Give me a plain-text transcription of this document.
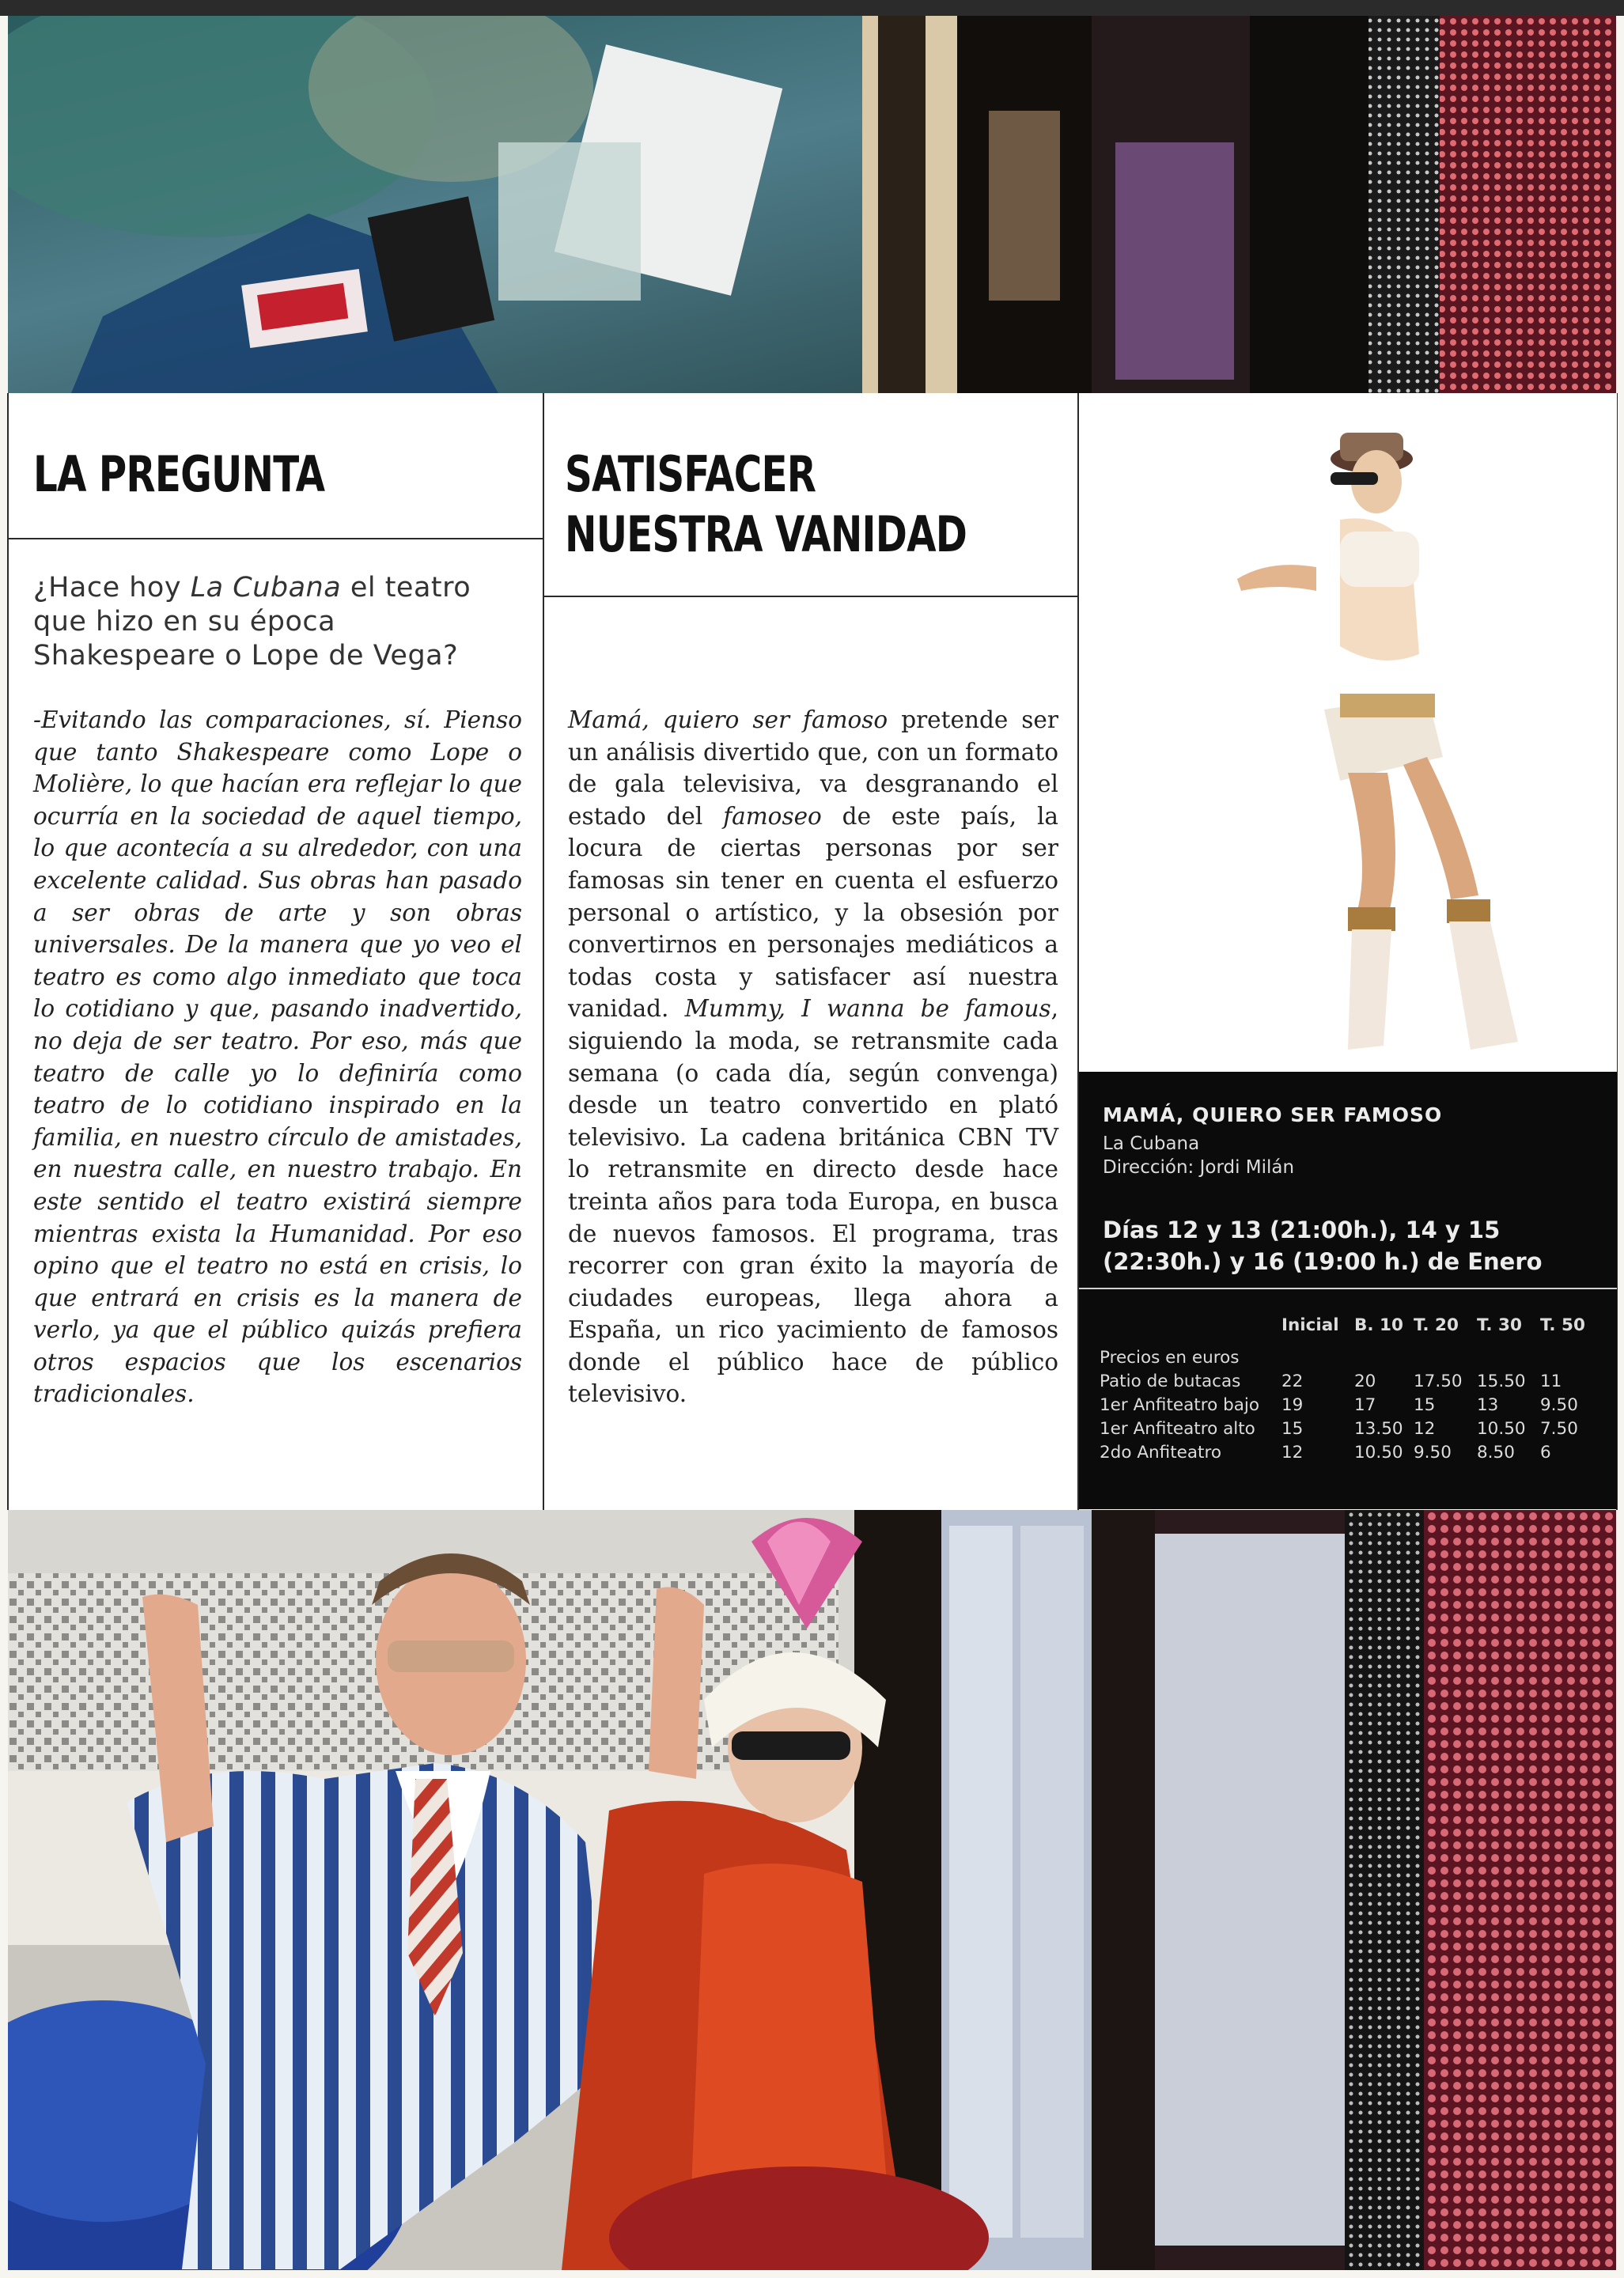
LA PREGUNTA
¿Hace hoy La Cubana el teatro que hizo en su época Shakespeare o Lope de Vega?
-Evitando las comparaciones, sí. Pienso que tanto Shakespeare como Lope o Molière, lo que hacían era reflejar lo que ocurría en la sociedad de aquel tiempo, lo que acontecía a su alrededor, con una excelente calidad. Sus obras han pasado a ser obras de arte y son obras universales. De la manera que yo veo el teatro es como algo inmediato que toca lo cotidiano y que, pasando inadvertido, no deja de ser teatro. Por eso, más que teatro de calle yo lo definiría como teatro de lo cotidiano inspirado en la familia, en nuestro círculo de amistades, en nuestra calle, en nuestro trabajo. En este sentido el teatro existirá siempre mientras exista la Humanidad. Por eso opino que el teatro no está en crisis, lo que entrará en crisis es la manera de verlo, ya que el público quizás prefiera otros espacios que los escenarios tradicionales.
SATISFACER
NUESTRA VANIDAD
Mamá, quiero ser famoso pretende ser un análisis divertido que, con un formato de gala televisiva, va desgranando el estado del famoseo de este país, la locura de ciertas personas por ser famosas sin tener en cuenta el esfuerzo personal o artístico, y la obsesión por convertirnos en personajes mediáticos a todas costa y satisfacer así nuestra vanidad. Mummy, I wanna be famous, siguiendo la moda, se retransmite cada semana (o cada día, según convenga) desde un teatro convertido en plató televisivo. La cadena británica CBN TV lo retransmite en directo desde hace treinta años para toda Europa, en busca de nuevos famosos. El programa, tras recorrer con gran éxito la mayoría de ciudades europeas, llega ahora a España, un rico yacimiento de famosos donde el público hace de público televisivo.
MAMÁ, QUIERO SER FAMOSO
La Cubana
Dirección: Jordi Milán
Días 12 y 13 (21:00h.), 14 y 15 (22:30h.) y 16 (19:00 h.) de Enero
	Inicial	B. 10	T. 20	T. 30	T. 50
Precios en euros					
Patio de butacas	22	20	17.50	15.50	11
1er Anfiteatro bajo	19	17	15	13	9.50
1er Anfiteatro alto	15	13.50	12	10.50	7.50
2do Anfiteatro	12	10.50	9.50	8.50	6
